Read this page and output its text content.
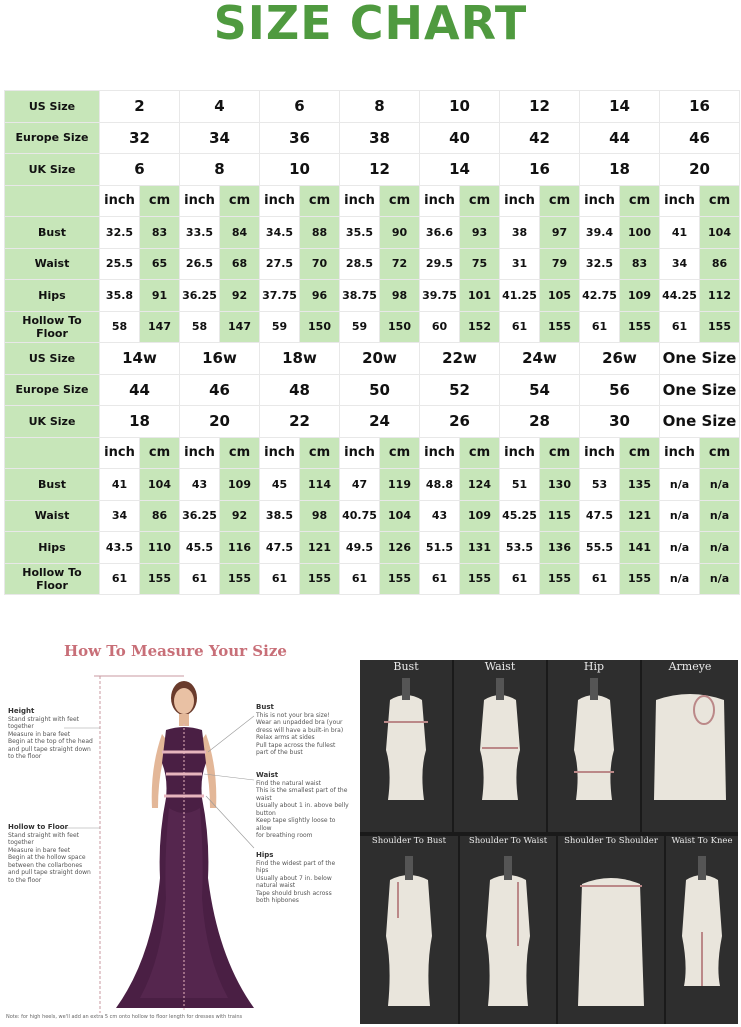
SIZE CHART
US Size	2		4		6		8		10		12		14		16	
Europe Size	32		34		36		38		40		42		44		46	
UK Size	6		8		10		12		14		16		18		20	
	inch	cm	inch	cm	inch	cm	inch	cm	inch	cm	inch	cm	inch	cm	inch	cm
Bust	32.5	83	33.5	84	34.5	88	35.5	90	36.6	93	38	97	39.4	100	41	104
Waist	25.5	65	26.5	68	27.5	70	28.5	72	29.5	75	31	79	32.5	83	34	86
Hips	35.8	91	36.25	92	37.75	96	38.75	98	39.75	101	41.25	105	42.75	109	44.25	112
Hollow To Floor	58	147	58	147	59	150	59	150	60	152	61	155	61	155	61	155
US Size	14w		16w		18w		20w		22w		24w		26w		One Size	
Europe Size	44		46		48		50		52		54		56		One Size	
UK Size	18		20		22		24		26		28		30		One Size	
	inch	cm	inch	cm	inch	cm	inch	cm	inch	cm	inch	cm	inch	cm	inch	cm
Bust	41	104	43	109	45	114	47	119	48.8	124	51	130	53	135	n/a	n/a
Waist	34	86	36.25	92	38.5	98	40.75	104	43	109	45.25	115	47.5	121	n/a	n/a
Hips	43.5	110	45.5	116	47.5	121	49.5	126	51.5	131	53.5	136	55.5	141	n/a	n/a
Hollow To Floor	61	155	61	155	61	155	61	155	61	155	61	155	61	155	n/a	n/a
How To Measure Your Size
Height
Stand straight with feet
together
Measure in bare feet
Begin at the top of the head
and pull tape straight down
to the floor
Hollow to Floor
Stand straight with feet
together
Measure in bare feet
Begin at the hollow space
between the collarbones
and pull tape straight down
to the floor
Bust
This is not your bra size!
Wear an unpadded bra (your
dress will have a built-in bra)
Relax arms at sides
Pull tape across the fullest
part of the bust
Waist
Find the natural waist
This is the smallest part of the
waist
Usually about 1 in. above belly
button
Keep tape slightly loose to allow
for breathing room
Hips
Find the widest part of the
hips
Usually about 7 in. below
natural waist
Tape should brush across
both hipbones
Note: for high heels, we'll add an extra 5 cm onto hollow to floor length for dresses with trains
Bust	Waist	Hip	Armeye
Shoulder To Bust	Shoulder To Waist	Shoulder To Shoulder	Waist To Knee
